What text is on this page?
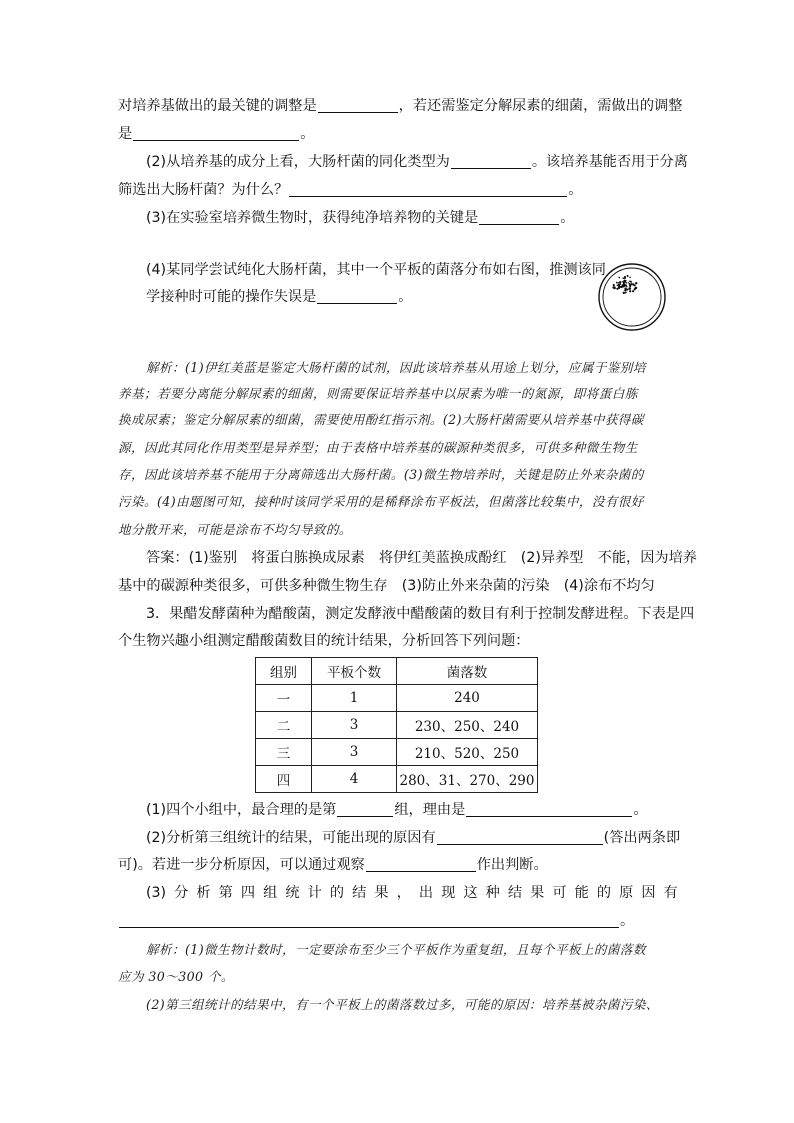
对培养基做出的最关键的调整是	，若还需鉴定分解尿素的细菌，需做出的调整
是	。
(2)从培养基的成分上看，大肠杆菌的同化类型为	。该培养基能否用于分离
筛选出大肠杆菌？为什么？	。
(3)在实验室培养微生物时，获得纯净培养物的关键是	。
(4)某同学尝试纯化大肠杆菌，其中一个平板的菌落分布如右图，推测该同
学接种时可能的操作失误是	。
解析：(1)伊红美蓝是鉴定大肠杆菌的试剂，因此该培养基从用途上划分，应属于鉴别培
养基；若要分离能分解尿素的细菌，则需要保证培养基中以尿素为唯一的氮源，即将蛋白胨
换成尿素；鉴定分解尿素的细菌，需要使用酚红指示剂。(2)大肠杆菌需要从培养基中获得碳
源，因此其同化作用类型是异养型；由于表格中培养基的碳源种类很多，可供多种微生物生
存，因此该培养基不能用于分离筛选出大肠杆菌。(3)微生物培养时，关键是防止外来杂菌的
污染。(4)由题图可知，接种时该同学采用的是稀释涂布平板法，但菌落比较集中，没有很好
地分散开来，可能是涂布不均匀导致的。
答案：(1)鉴别　将蛋白胨换成尿素　将伊红美蓝换成酚红　(2)异养型　不能，因为培养
基中的碳源种类很多，可供多种微生物生存　(3)防止外来杂菌的污染　(4)涂布不均匀
3．果醋发酵菌种为醋酸菌，测定发酵液中醋酸菌的数目有利于控制发酵进程。下表是四
个生物兴趣小组测定醋酸菌数目的统计结果，分析回答下列问题：
组别	平板个数	菌落数
一	1	240
二	3	230、250、240
三	3	210、520、250
四	4	280、31、270、290
(1)四个小组中，最合理的是第	组，理由是	。
(2)分析第三组统计的结果，可能出现的原因有	(答出两条即
可)。若进一步分析原因，可以通过观察	作出判断。
(3) 分 析 第 四 组 统 计 的 结 果 ， 出 现 这 种 结 果 可 能 的 原 因 有
。
解析：(1)微生物计数时，一定要涂布至少三个平板作为重复组，且每个平板上的菌落数
应为 30～300 个。
(2)第三组统计的结果中，有一个平板上的菌落数过多，可能的原因：培养基被杂菌污染、
